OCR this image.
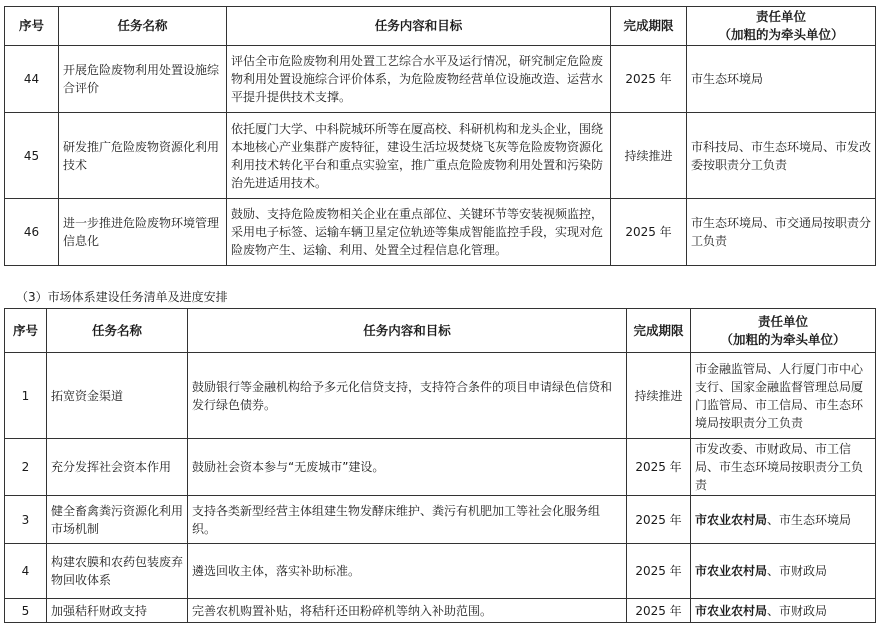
序号	任务名称	任务内容和目标	完成期限	责任单位
（加粗的为牵头单位）
44	开展危险废物利用处置设施综合评价	评估全市危险废物利用处置工艺综合水平及运行情况，研究制定危险废物利用处置设施综合评价体系，为危险废物经营单位设施改造、运营水平提升提供技术支撑。	2025 年	市生态环境局
45	研发推广危险废物资源化利用技术	依托厦门大学、中科院城环所等在厦高校、科研机构和龙头企业，围绕本地核心产业集群产废特征，建设生活垃圾焚烧飞灰等危险废物资源化利用技术转化平台和重点实验室，推广重点危险废物利用处置和污染防治先进适用技术。	持续推进	市科技局、市生态环境局、市发改委按职责分工负责
46	进一步推进危险废物环境管理信息化	鼓励、支持危险废物相关企业在重点部位、关键环节等安装视频监控，采用电子标签、运输车辆卫星定位轨迹等集成智能监控手段，实现对危险废物产生、运输、利用、处置全过程信息化管理。	2025 年	市生态环境局、市交通局按职责分工负责
（3）市场体系建设任务清单及进度安排
序号	任务名称	任务内容和目标	完成期限	责任单位
（加粗的为牵头单位）
1	拓宽资金渠道	鼓励银行等金融机构给予多元化信贷支持，支持符合条件的项目申请绿色信贷和发行绿色债券。	持续推进	市金融监管局、人行厦门市中心支行、国家金融监督管理总局厦门监管局、市工信局、市生态环境局按职责分工负责
2	充分发挥社会资本作用	鼓励社会资本参与“无废城市”建设。	2025 年	市发改委、市财政局、市工信局、市生态环境局按职责分工负责
3	健全畜禽粪污资源化利用市场机制	支持各类新型经营主体组建生物发酵床维护、粪污有机肥加工等社会化服务组织。	2025 年	市农业农村局、市生态环境局
4	构建农膜和农药包装废弃物回收体系	遴选回收主体，落实补助标准。	2025 年	市农业农村局、市财政局
5	加强秸秆财政支持	完善农机购置补贴，将秸秆还田粉碎机等纳入补助范围。	2025 年	市农业农村局、市财政局
